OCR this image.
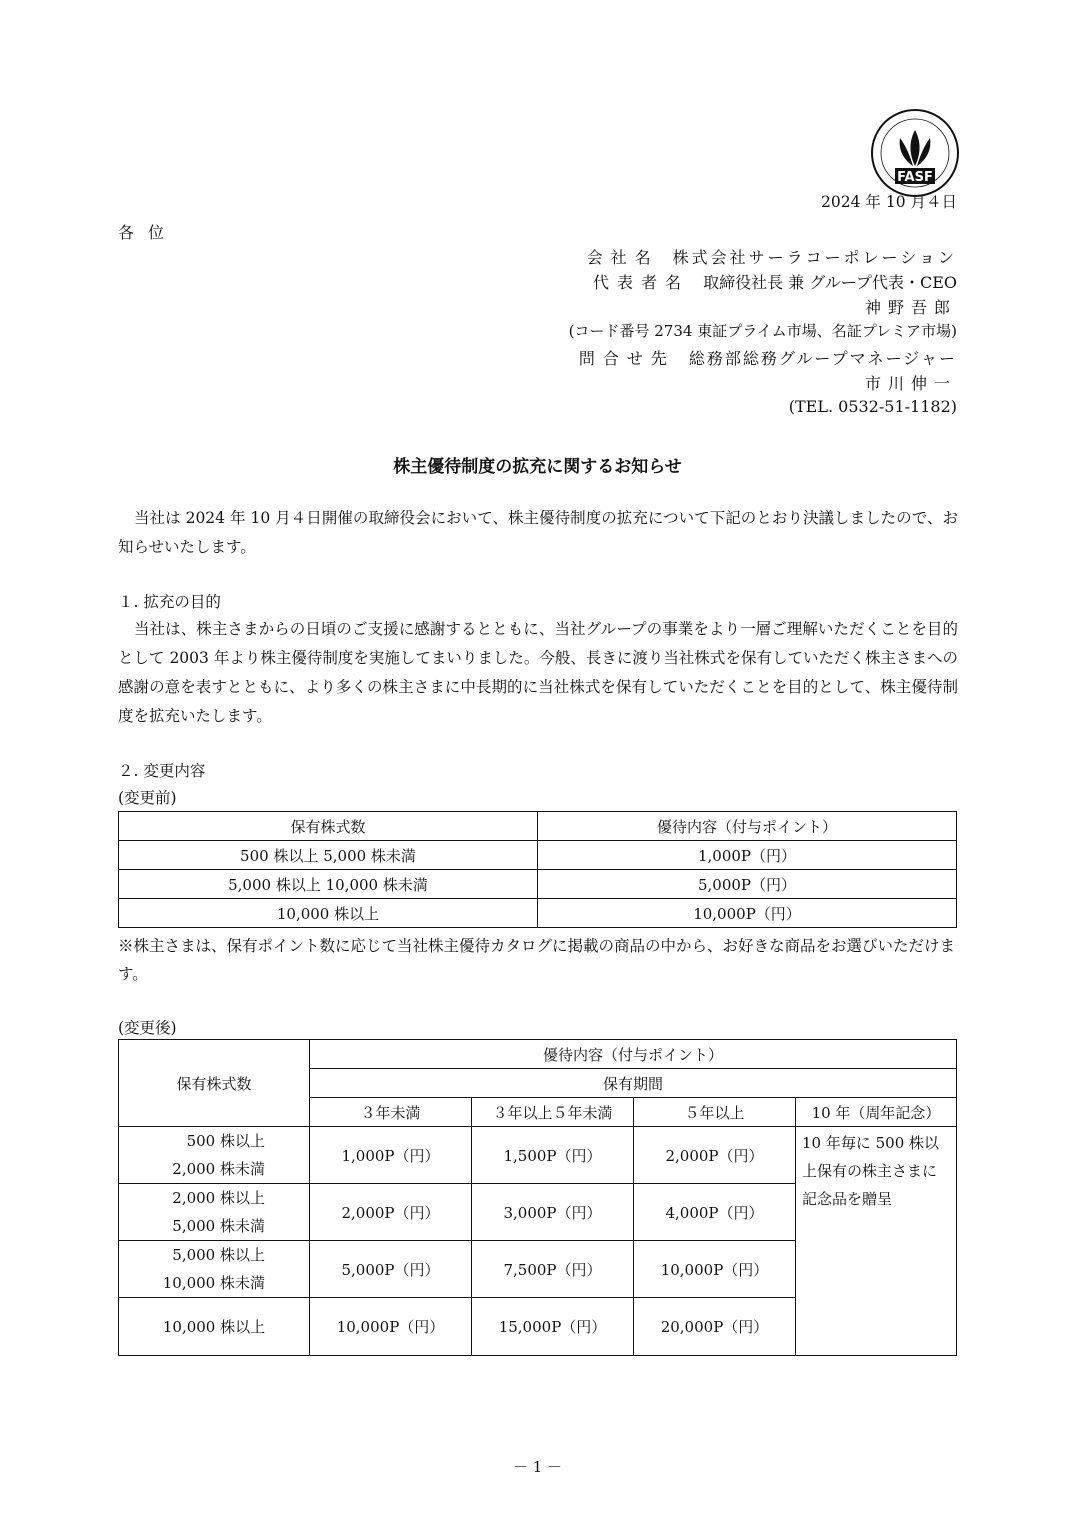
FASF
2024 年 10 月４日
各位
会社名 株式会社サーラコーポレーション
代表者名 取締役社長 兼 グループ代表・CEO
神野吾郎
(コード番号 2734 東証プライム市場、名証プレミア市場)
問合せ先 総務部総務グループマネージャー
市川伸一
(TEL. 0532-51-1182)
株主優待制度の拡充に関するお知らせ
当社は 2024 年 10 月４日開催の取締役会において、株主優待制度の拡充について下記のとおり決議しましたので、お知らせいたします。
１. 拡充の目的
当社は、株主さまからの日頃のご支援に感謝するとともに、当社グループの事業をより一層ご理解いただくことを目的として 2003 年より株主優待制度を実施してまいりました。今般、長きに渡り当社株式を保有していただく株主さまへの感謝の意を表すとともに、より多くの株主さまに中長期的に当社株式を保有していただくことを目的として、株主優待制度を拡充いたします。
２. 変更内容
(変更前)
保有株式数	優待内容（付与ポイント）
500 株以上 5,000 株未満	1,000P（円）
5,000 株以上 10,000 株未満	5,000P（円）
10,000 株以上	10,000P（円）
※株主さまは、保有ポイント数に応じて当社株主優待カタログに掲載の商品の中から、お好きな商品をお選びいただけます。
(変更後)
保有株式数	優待内容（付与ポイント）			
	保有期間			
	３年未満	３年以上５年未満	５年以上	10 年（周年記念）

500 株以上
2,000 株未満	1,000P（円）	1,500P（円）	2,000P（円）	10 年毎に 500 株以上保有の株主さまに記念品を贈呈

2,000 株以上
5,000 株未満	2,000P（円）	3,000P（円）	4,000P（円）	

5,000 株以上
10,000 株未満	5,000P（円）	7,500P（円）	10,000P（円）	
10,000 株以上	10,000P（円）	15,000P（円）	20,000P（円）	
－ 1 －
